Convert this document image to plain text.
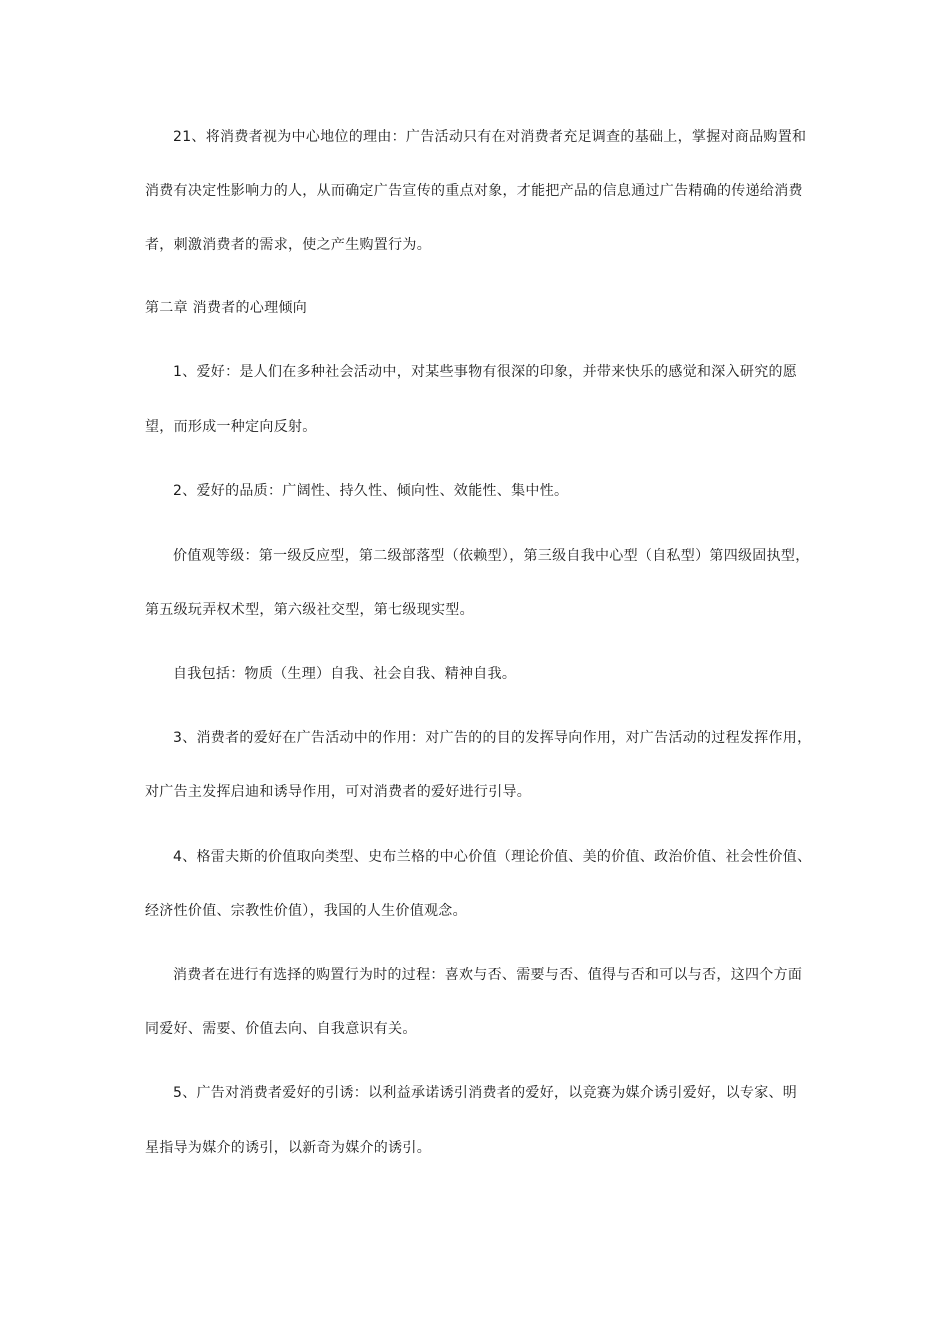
21、将消费者视为中心地位的理由：广告活动只有在对消费者充足调查的基础上，掌握对商品购置和
消费有决定性影响力的人，从而确定广告宣传的重点对象，才能把产品的信息通过广告精确的传递给消费
者，刺激消费者的需求，使之产生购置行为。
第二章 消费者的心理倾向
1、爱好：是人们在多种社会活动中，对某些事物有很深的印象，并带来快乐的感觉和深入研究的愿
望，而形成一种定向反射。
2、爱好的品质：广阔性、持久性、倾向性、效能性、集中性。
价值观等级：第一级反应型，第二级部落型（依赖型），第三级自我中心型（自私型）第四级固执型，
第五级玩弄权术型，第六级社交型，第七级现实型。
自我包括：物质（生理）自我、社会自我、精神自我。
3、消费者的爱好在广告活动中的作用：对广告的的目的发挥导向作用，对广告活动的过程发挥作用，
对广告主发挥启迪和诱导作用，可对消费者的爱好进行引导。
4、格雷夫斯的价值取向类型、史布兰格的中心价值（理论价值、美的价值、政治价值、社会性价值、
经济性价值、宗教性价值），我国的人生价值观念。
消费者在进行有选择的购置行为时的过程：喜欢与否、需要与否、值得与否和可以与否，这四个方面
同爱好、需要、价值去向、自我意识有关。
5、广告对消费者爱好的引诱：以利益承诺诱引消费者的爱好，以竞赛为媒介诱引爱好，以专家、明
星指导为媒介的诱引，以新奇为媒介的诱引。
